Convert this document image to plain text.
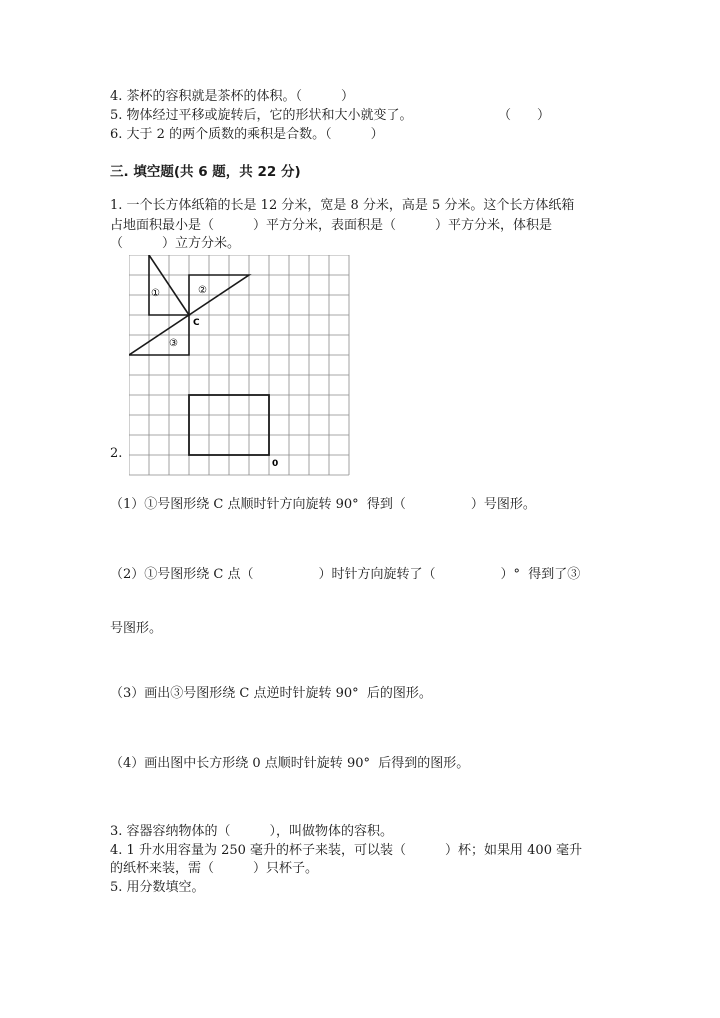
4. 茶杯的容积就是茶杯的体积。（　　　）
5. 物体经过平移或旋转后，它的形状和大小就变了。	（　　）
6. 大于 2 的两个质数的乘积是合数。（　　　）
三. 填空题(共 6 题，共 22 分)
1. 一个长方体纸箱的长是 12 分米，宽是 8 分米，高是 5 分米。这个长方体纸箱
占地面积最小是（　　　）平方分米，表面积是（　　　）平方分米，体积是
（　　　）立方分米。
①	②
③
C
0
2.
（1）①号图形绕 C 点顺时针方向旋转 90°  得到（　　　　　）号图形。
（2）①号图形绕 C 点（　　　　　）时针方向旋转了（　　　　　）°  得到了③
号图形。
（3）画出③号图形绕 C 点逆时针旋转 90°  后的图形。
（4）画出图中长方形绕 0 点顺时针旋转 90°  后得到的图形。
3. 容器容纳物体的（　　　），叫做物体的容积。
4. 1 升水用容量为 250 毫升的杯子来装，可以装（　　　）杯；如果用 400 毫升
的纸杯来装，需（　　　）只杯子。
5. 用分数填空。
